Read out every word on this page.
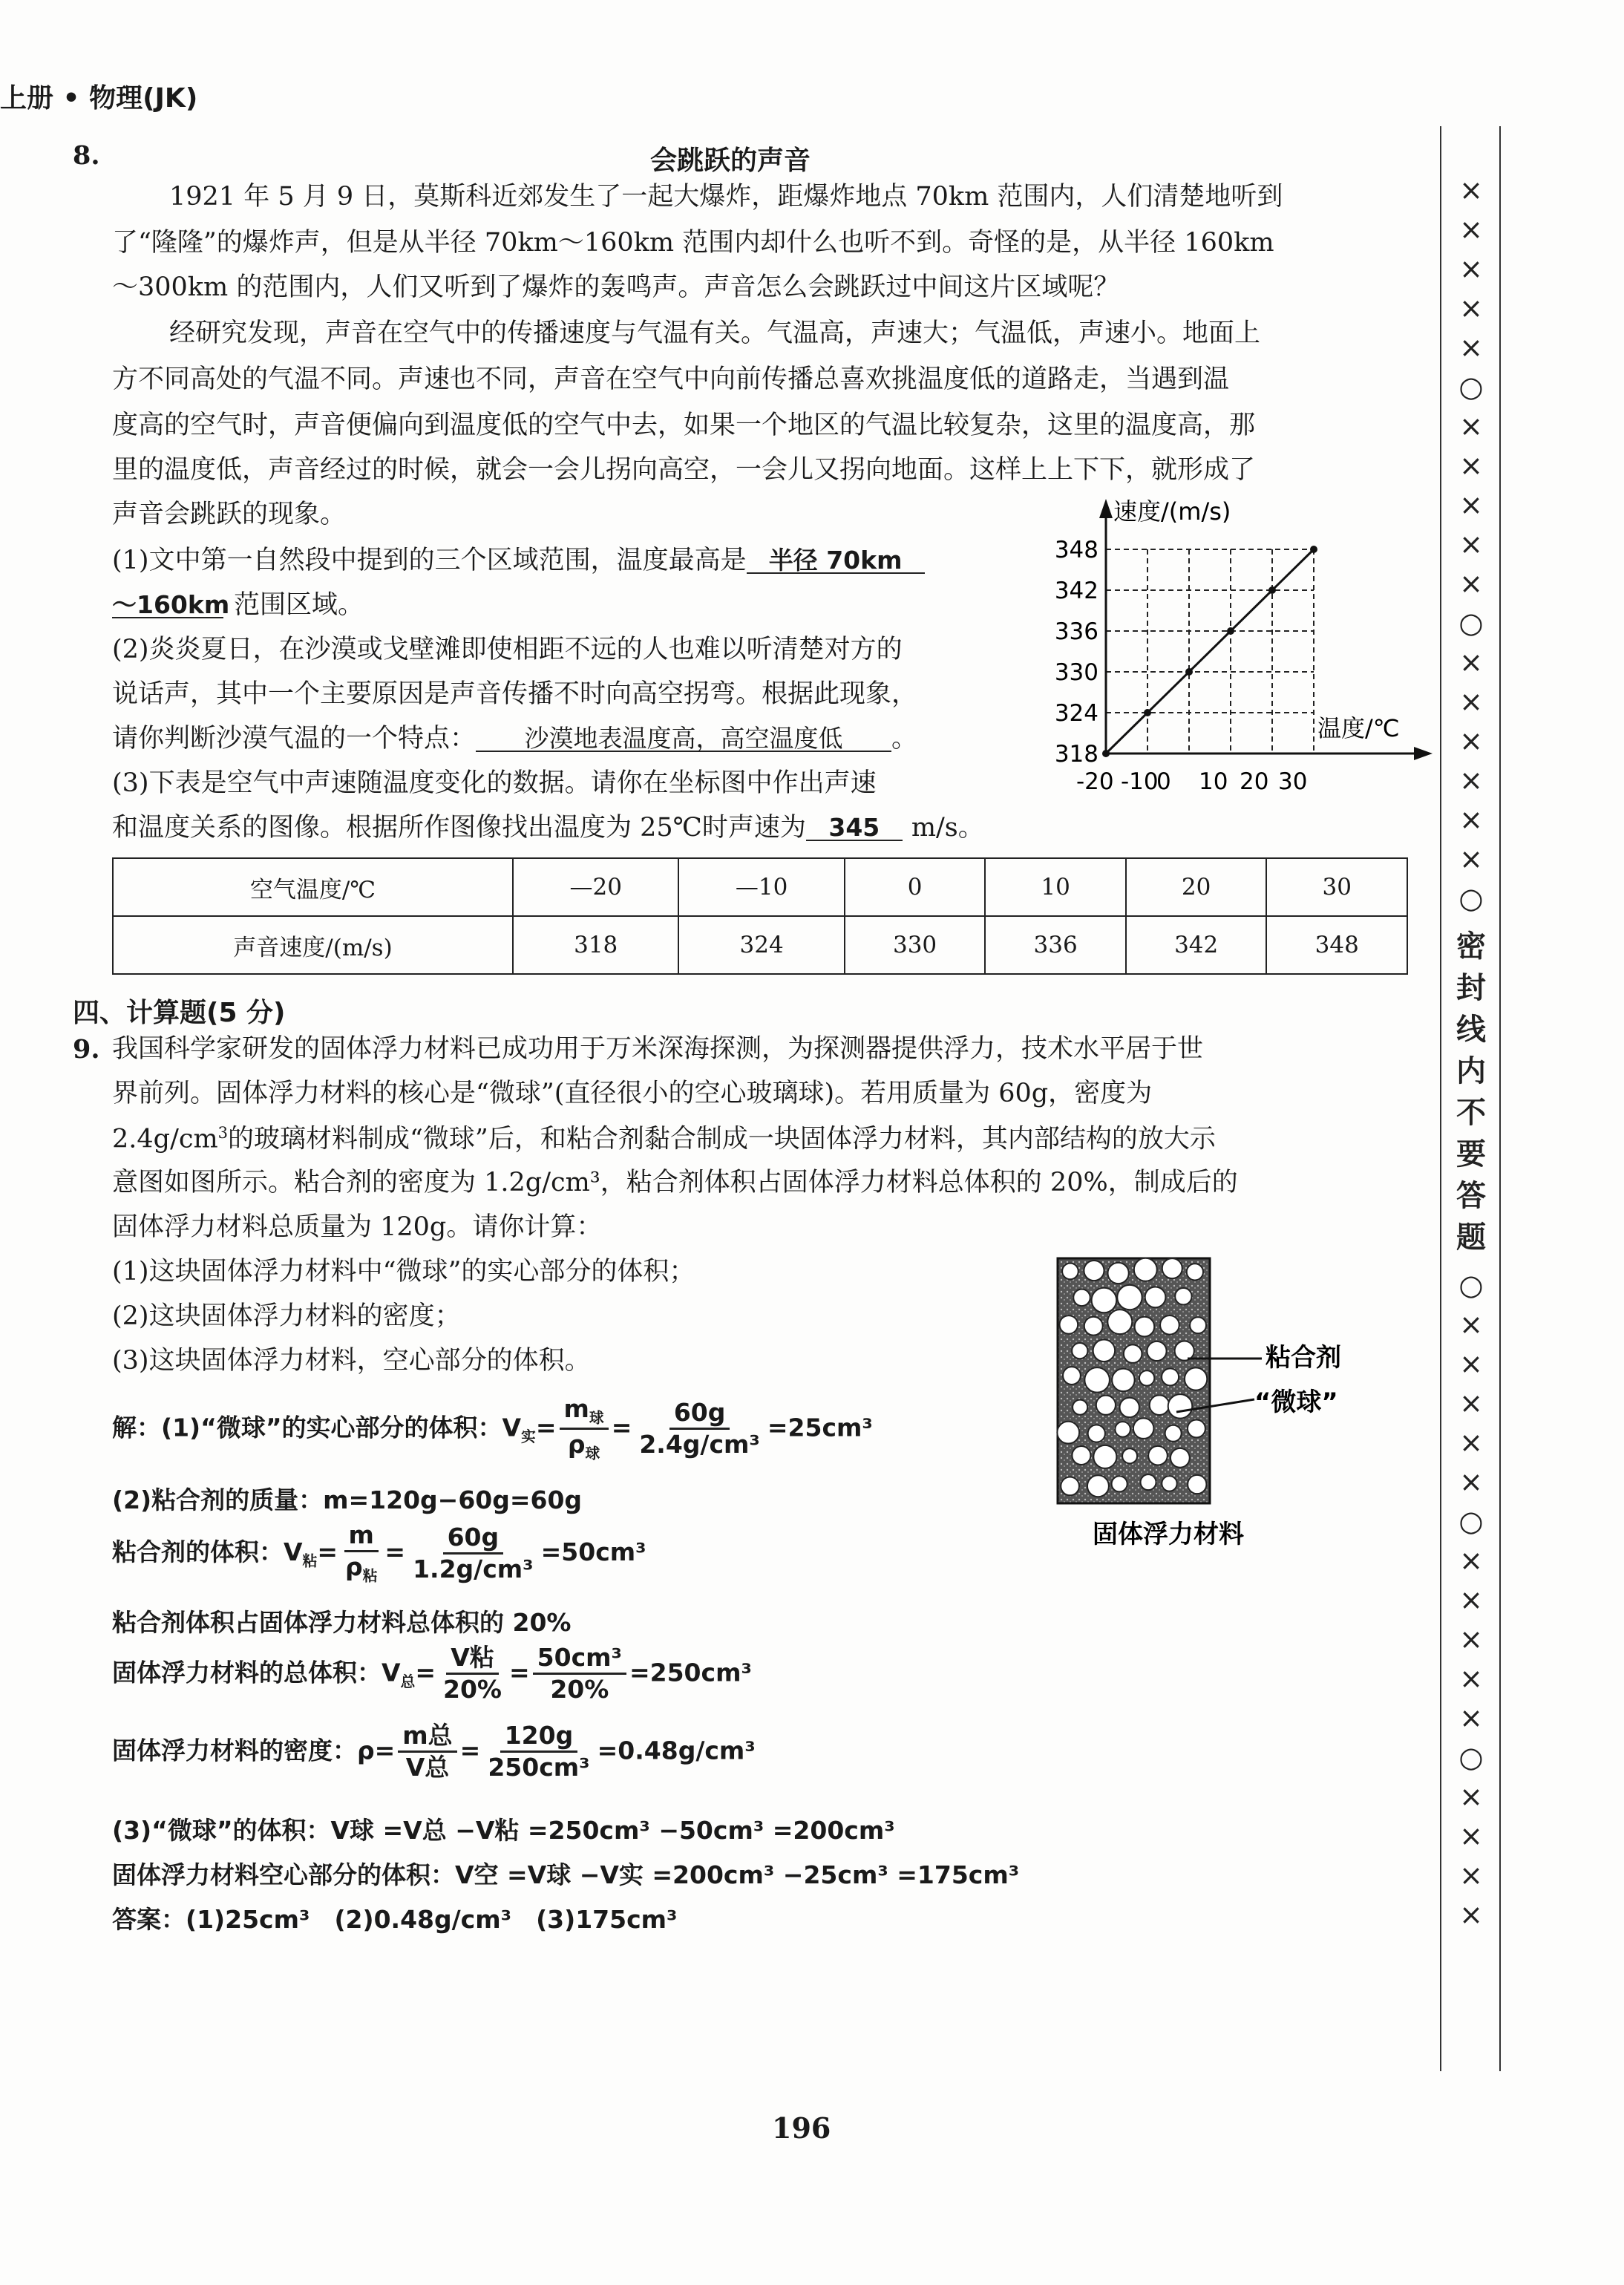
上册 • 物理(JK)
8.	会跳跃的声音
1921 年 5 月 9 日，莫斯科近郊发生了一起大爆炸，距爆炸地点 70km 范围内，人们清楚地听到
了“隆隆”的爆炸声，但是从半径 70km～160km 范围内却什么也听不到。奇怪的是，从半径 160km
～300km 的范围内，人们又听到了爆炸的轰鸣声。声音怎么会跳跃过中间这片区域呢？
经研究发现，声音在空气中的传播速度与气温有关。气温高，声速大；气温低，声速小。地面上
方不同高处的气温不同。声速也不同，声音在空气中向前传播总喜欢挑温度低的道路走，当遇到温
度高的空气时，声音便偏向到温度低的空气中去，如果一个地区的气温比较复杂，这里的温度高，那
里的温度低，声音经过的时候，就会一会儿拐向高空，一会儿又拐向地面。这样上上下下，就形成了
声音会跳跃的现象。
(1)文中第一自然段中提到的三个区域范围，温度最高是 半径 70km
～160km 范围区域。
(2)炎炎夏日，在沙漠或戈壁滩即使相距不远的人也难以听清楚对方的
说话声，其中一个主要原因是声音传播不时向高空拐弯。根据此现象，
请你判断沙漠气温的一个特点： 沙漠地表温度高，高空温度低 。
(3)下表是空气中声速随温度变化的数据。请你在坐标图中作出声速
和温度关系的图像。根据所作图像找出温度为 25℃时声速为 345 m/s。
318
324
330
336
342
348
-20 -10
0 10 20 30
速度/(m/s)
温度/℃
空气温度/℃	—20	—10	0	10	20	30
声音速度/(m/s)	318	324	330	336	342	348
四、计算题(5 分)
9. 我国科学家研发的固体浮力材料已成功用于万米深海探测，为探测器提供浮力，技术水平居于世
界前列。固体浮力材料的核心是“微球”(直径很小的空心玻璃球)。若用质量为 60g，密度为
$2.4g/cm^3$的玻璃材料制成“微球”后，和粘合剂黏合制成一块固体浮力材料，其内部结构的放大示
意图如图所示。粘合剂的密度为 1.2g/cm³，粘合剂体积占固体浮力材料总体积的 20%，制成后的
固体浮力材料总质量为 120g。请你计算：
(1)这块固体浮力材料中“微球”的实心部分的体积；
(2)这块固体浮力材料的密度；
(3)这块固体浮力材料，空心部分的体积。	粘合剂
“微球”
固体浮力材料
解：(1)“微球”的实心部分的体积：$V_实= \frac{m_球}{\rho_球} = \frac{60g}{\text{2.4g/cm³}} =25cm^3$
(2)粘合剂的质量：m=120g−60g=60g
粘合剂的体积：$V_粘= \frac{m}{\rho_粘} = \frac{60g}{\text{1.2g/cm³}} =50cm^3$
粘合剂体积占固体浮力材料总体积的 20%
固体浮力材料的总体积：$V_总= \frac{\text{V粘}}{20\%} = \frac{\text{50cm³}}{20\%} =250cm^3$
固体浮力材料的密度：$\rho= \frac{\text{m总}}{\text{V总}} = \frac{120g}{\text{250cm³}} =0.48g/cm^3$
(3)“微球”的体积：V球 =V总 −V粘 =250cm³ −50cm³ =200cm³
固体浮力材料空心部分的体积：V空 =V球 −V实 =200cm³ −25cm³ =175cm³
答案：(1)25cm³　(2)0.48g/cm³　(3)175cm³
196
×
×
×
×
×
○
×
×
×
×
×
○
×
×
×
×
×
×
○
密
封
线
内
不
要
答
题
○
×
×
×
×
×
○
×
×
×
×
×
○
×
×
×
×
